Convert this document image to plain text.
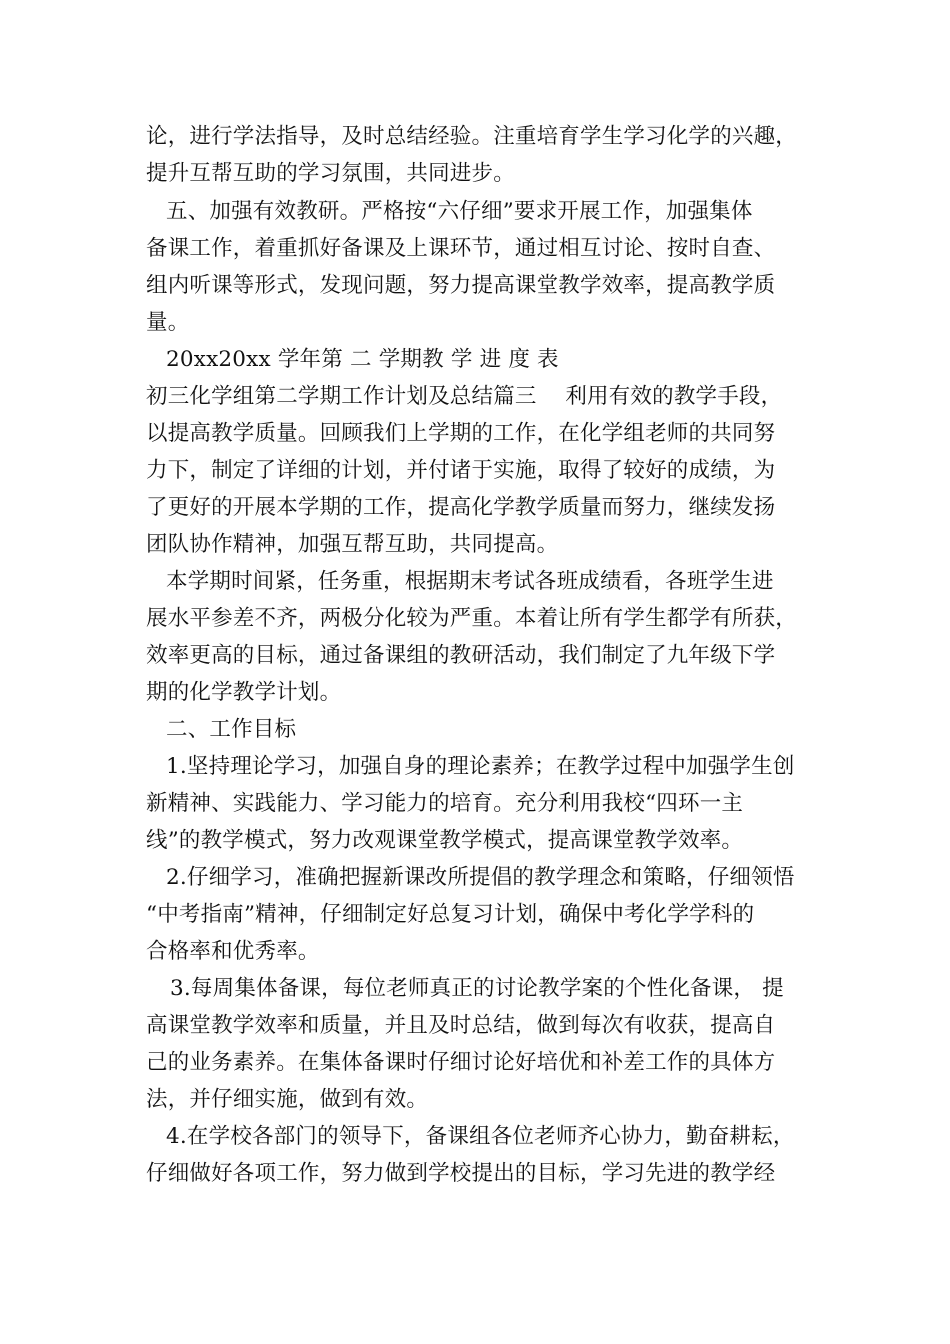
论，进行学法指导，及时总结经验。注重培育学生学习化学的兴趣，
提升互帮互助的学习氛围，共同进步。
五、加强有效教研。严格按“六仔细”要求开展工作，加强集体
备课工作，着重抓好备课及上课环节，通过相互讨论、按时自查、
组内听课等形式，发现问题，努力提高课堂教学效率，提高教学质
量。
20xx20xx 学年第 二 学期教 学 进 度 表
初三化学组第二学期工作计划及总结篇三　 利用有效的教学手段，
以提高教学质量。回顾我们上学期的工作，在化学组老师的共同努
力下，制定了详细的计划，并付诸于实施，取得了较好的成绩，为
了更好的开展本学期的工作，提高化学教学质量而努力，继续发扬
团队协作精神，加强互帮互助，共同提高。
本学期时间紧，任务重，根据期末考试各班成绩看，各班学生进
展水平参差不齐，两极分化较为严重。本着让所有学生都学有所获，
效率更高的目标，通过备课组的教研活动，我们制定了九年级下学
期的化学教学计划。
二、工作目标
1.坚持理论学习，加强自身的理论素养；在教学过程中加强学生创
新精神、实践能力、学习能力的培育。充分利用我校“四环一主
线”的教学模式，努力改观课堂教学模式，提高课堂教学效率。
2.仔细学习，准确把握新课改所提倡的教学理念和策略，仔细领悟
“中考指南”精神，仔细制定好总复习计划，确保中考化学学科的
合格率和优秀率。
3.每周集体备课，每位老师真正的讨论教学案的个性化备课， 提
高课堂教学效率和质量，并且及时总结，做到每次有收获，提高自
己的业务素养。在集体备课时仔细讨论好培优和补差工作的具体方
法，并仔细实施，做到有效。
4.在学校各部门的领导下，备课组各位老师齐心协力，勤奋耕耘，
仔细做好各项工作，努力做到学校提出的目标，学习先进的教学经
